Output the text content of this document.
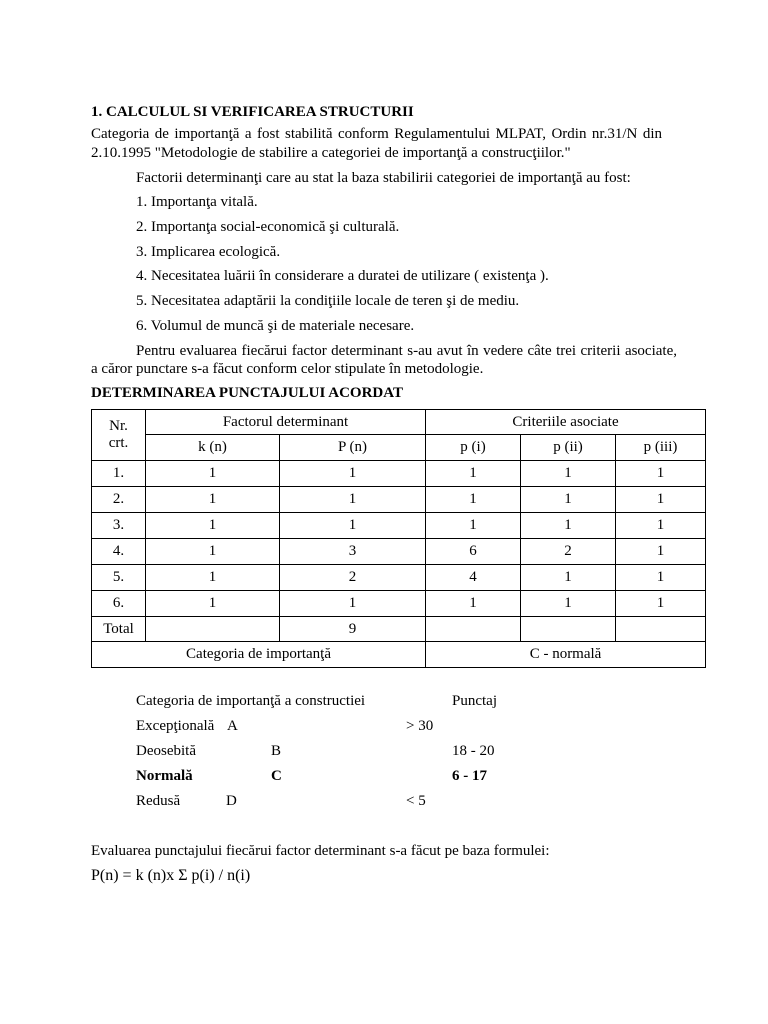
1. CALCULUL SI VERIFICAREA STRUCTURII
Categoria de importanţă a fost stabilită conform Regulamentului MLPAT, Ordin nr.31/N din
2.10.1995 "Metodologie de stabilire a categoriei de importanţă a construcţiilor."
Factorii determinanţi care au stat la baza stabilirii categoriei de importanţă au fost:
1. Importanţa vitală.
2. Importanţa social-economică şi culturală.
3. Implicarea ecologică.
4. Necesitatea luării în considerare a duratei de utilizare ( existenţa ).
5. Necesitatea adaptării la condiţiile locale de teren şi de mediu.
6. Volumul de muncă şi de materiale necesare.
Pentru evaluarea fiecărui factor determinant s-au avut în vedere câte trei criterii asociate,
a căror punctare s-a făcut conform celor stipulate în metodologie.
DETERMINAREA PUNCTAJULUI ACORDAT
Nr.
crt.	Factorul determinant		Criteriile asociate		
	k (n)	P (n)	p (i)	p (ii)	p (iii)
1.	1	1	1	1	1
2.	1	1	1	1	1
3.	1	1	1	1	1
4.	1	3	6	2	1
5.	1	2	4	1	1
6.	1	1	1	1	1
Total		9			
Categoria de importanţă			C - normală		
Categoria de importanţă a constructiei	Punctaj
Excepţională A	> 30
Deosebită	B	18 - 20
Normală	C	6 - 17
Redusă	D	< 5
Evaluarea punctajului fiecărui factor determinant s-a făcut pe baza formulei:
P(n) = k (n)x Σ p(i) / n(i)
